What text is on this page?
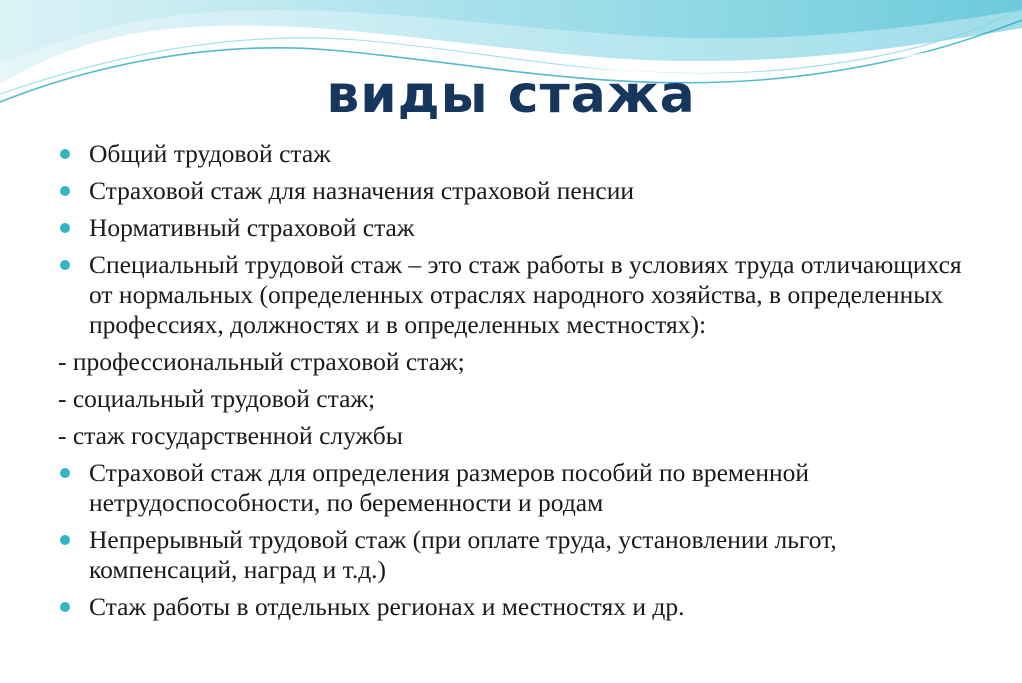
виды стажа
Общий трудовой стаж
Страховой стаж для назначения страховой пенсии
Нормативный страховой стаж
Специальный трудовой стаж – это стаж работы в условиях труда отличающихся от нормальных (определенных отраслях народного хозяйства, в определенных профессиях, должностях и в определенных местностях):
- профессиональный страховой стаж;
- социальный трудовой стаж;
- стаж государственной службы
Страховой стаж для определения размеров пособий по временной нетрудоспособности, по беременности и родам
Непрерывный трудовой стаж (при оплате труда, установлении льгот, компенсаций, наград и т.д.)
Стаж работы в отдельных регионах и местностях и др.
